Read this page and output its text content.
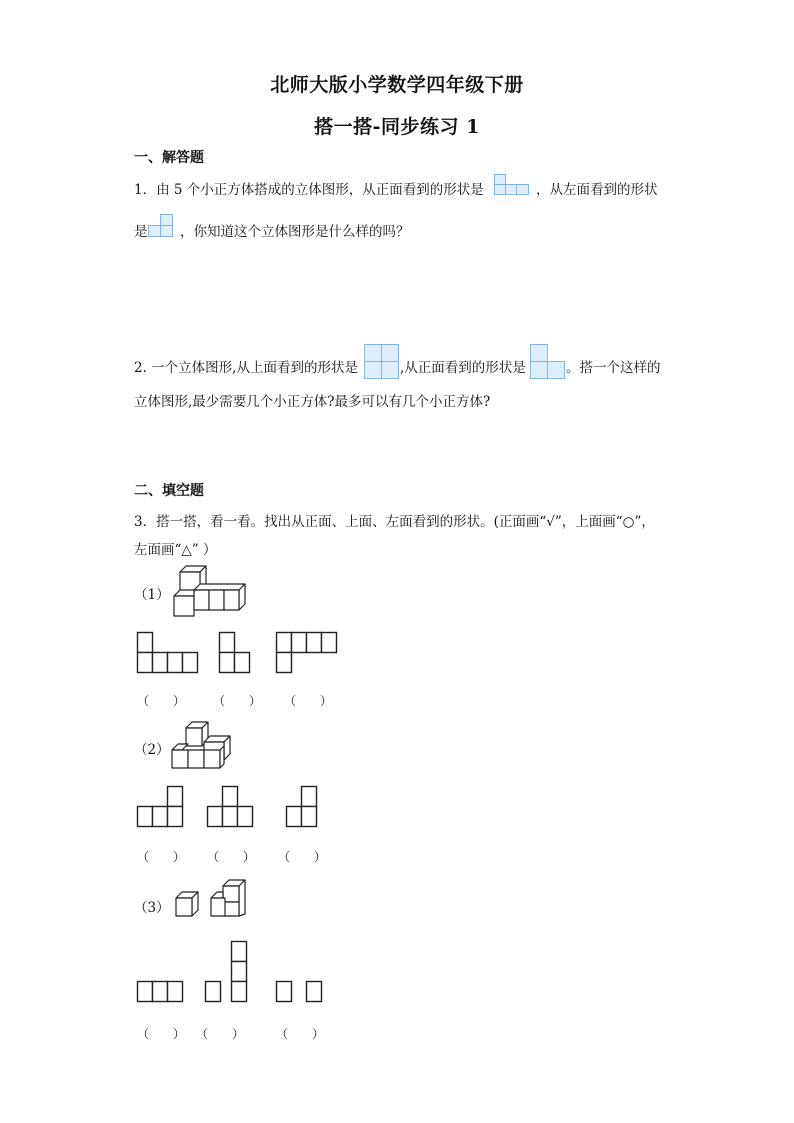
北师大版小学数学四年级下册
搭一搭-同步练习 1
一、解答题
1．由 5 个小正方体搭成的立体图形，从正面看到的形状是	，从左面看到的形状
是 ，你知道这个立体图形是什么样的吗？
2. 一个立体图形,从上面看到的形状是	,从正面看到的形状是	。搭一个这样的
立体图形,最少需要几个小正方体?最多可以有几个小正方体?
二、填空题
3．搭一搭，看一看。找出从正面、上面、左面看到的形状。(正面画“√”，上面画“○”，
左面画“△” ）
（1）
（　　） （　　） （　　）
（2）
（　　） （　　） （　　）
（3）
（　　） （　　）	（　　）
